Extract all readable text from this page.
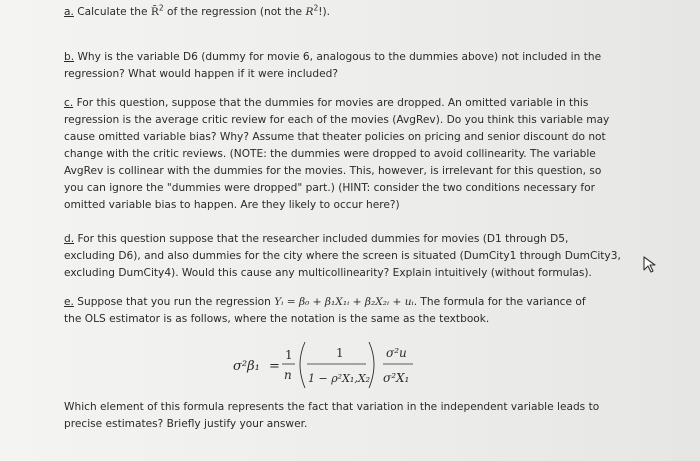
a. Calculate the R̄$^2$ of the regression (not the $R^2$!).
b. Why is the variable D6 (dummy for movie 6, analogous to the dummies above) not included in the
regression? What would happen if it were included?
c. For this question, suppose that the dummies for movies are dropped. An omitted variable in this
regression is the average critic review for each of the movies (AvgRev). Do you think this variable may
cause omitted variable bias? Why? Assume that theater policies on pricing and senior discount do not
change with the critic reviews. (NOTE: the dummies were dropped to avoid collinearity. The variable
AvgRev is collinear with the dummies for the movies. This, however, is irrelevant for this question, so
you can ignore the "dummies were dropped" part.) (HINT: consider the two conditions necessary for
omitted variable bias to happen. Are they likely to occur here?)
d. For this question suppose that the researcher included dummies for movies (D1 through D5,
excluding D6), and also dummies for the city where the screen is situated (DumCity1 through DumCity3,
excluding DumCity4). Would this cause any multicollinearity? Explain intuitively (without formulas).
e. Suppose that you run the regression Yᵢ = β₀ + β₁X₁ᵢ + β₂X₂ᵢ + uᵢ. The formula for the variance of
the OLS estimator is as follows, where the notation is the same as the textbook.
σ²β₁ =
1
n
1
1 − ρ²X₁,X₂
σ²u
σ²X₁
Which element of this formula represents the fact that variation in the independent variable leads to
precise estimates? Briefly justify your answer.
